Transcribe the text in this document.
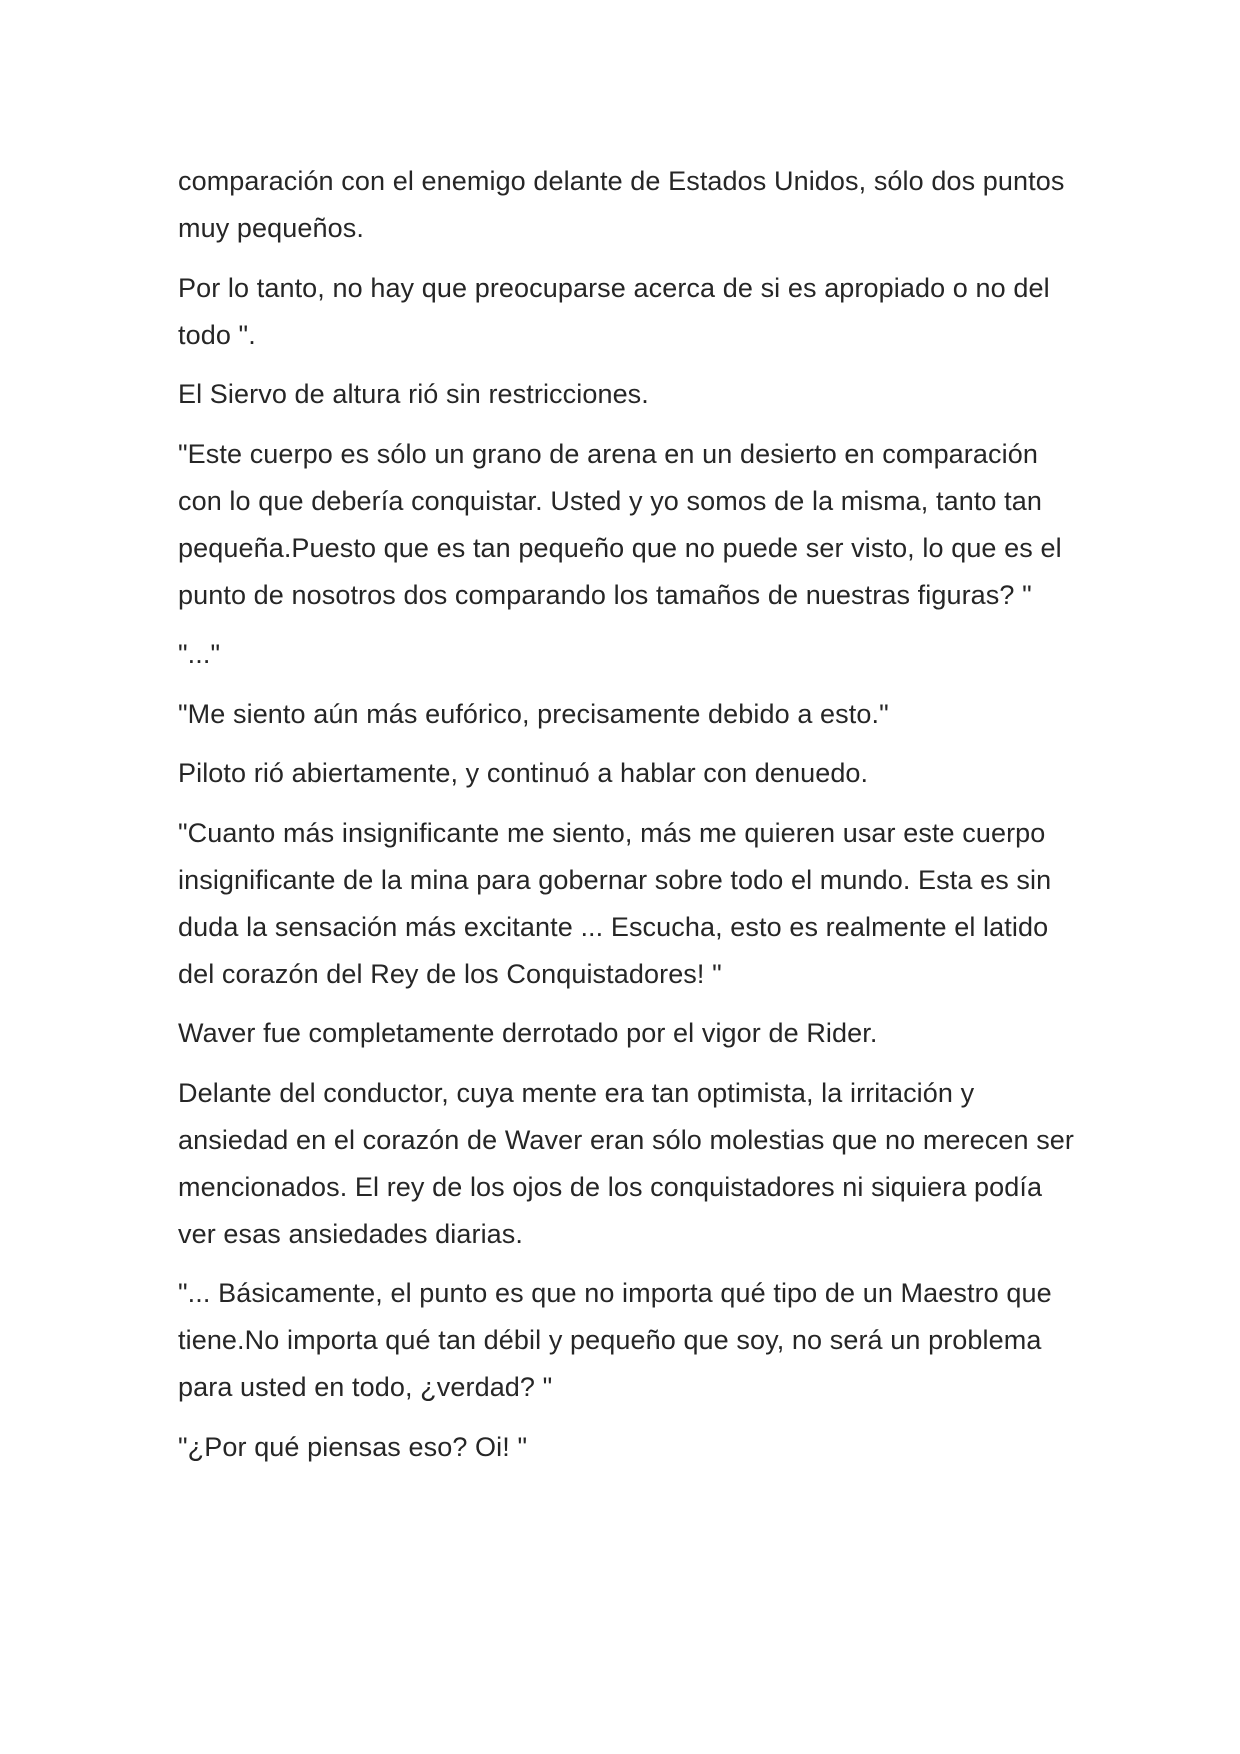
comparación con el enemigo delante de Estados Unidos, sólo dos puntos muy pequeños.

Por lo tanto, no hay que preocuparse acerca de si es apropiado o no del todo ".

El Siervo de altura rió sin restricciones.

"Este cuerpo es sólo un grano de arena en un desierto en comparación con lo que debería conquistar. Usted y yo somos de la misma, tanto tan pequeña.Puesto que es tan pequeño que no puede ser visto, lo que es el punto de nosotros dos comparando los tamaños de nuestras figuras? "

"..."

"Me siento aún más eufórico, precisamente debido a esto."

Piloto rió abiertamente, y continuó a hablar con denuedo.

"Cuanto más insignificante me siento, más me quieren usar este cuerpo insignificante de la mina para gobernar sobre todo el mundo. Esta es sin duda la sensación más excitante ... Escucha, esto es realmente el latido del corazón del Rey de los Conquistadores! "

Waver fue completamente derrotado por el vigor de Rider.

Delante del conductor, cuya mente era tan optimista, la irritación y ansiedad en el corazón de Waver eran sólo molestias que no merecen ser mencionados. El rey de los ojos de los conquistadores ni siquiera podía ver esas ansiedades diarias.

"... Básicamente, el punto es que no importa qué tipo de un Maestro que tiene.No importa qué tan débil y pequeño que soy, no será un problema para usted en todo, ¿verdad? "

"¿Por qué piensas eso? Oi! "
